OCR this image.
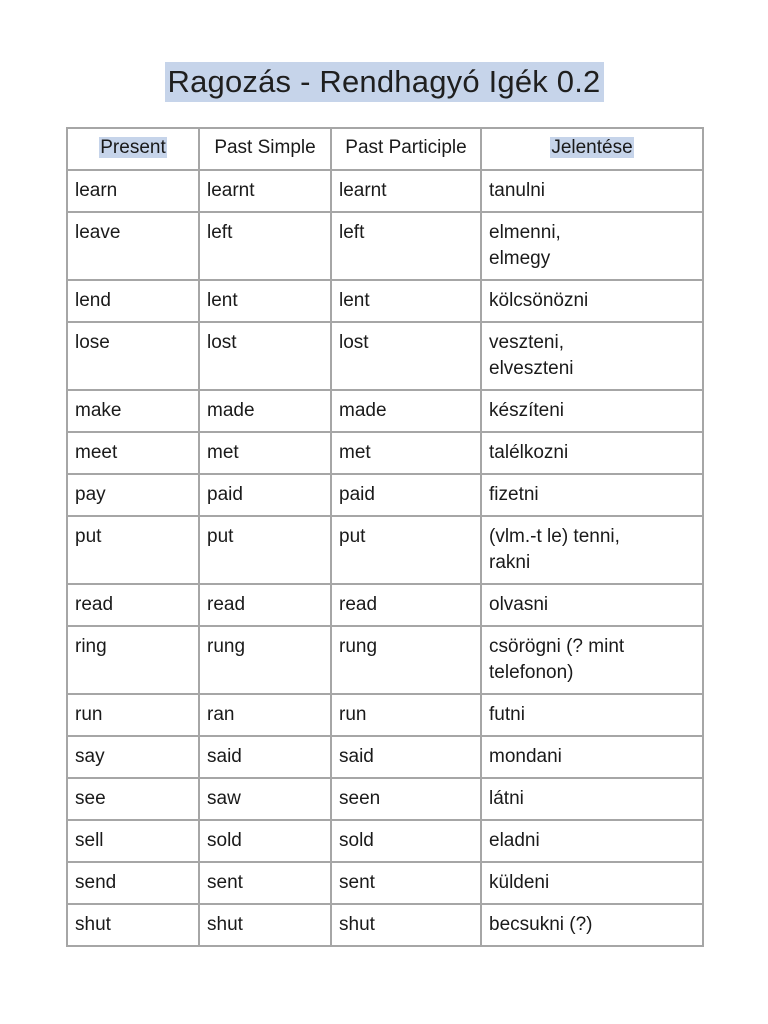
Ragozás - Rendhagyó Igék 0.2
Present	Past Simple	Past Participle	Jelentése
learn	learnt	learnt	tanulni

leave	left	left	elmenni,
elmegy

lend	lent	lent	kölcsönözni

lose	lost	lost	veszteni,
elveszteni

make	made	made	készíteni

meet	met	met	talélkozni

pay	paid	paid	fizetni

put	put	put	(vlm.-t le) tenni,
rakni

read	read	read	olvasni

ring	rung	rung	csörögni (? mint
telefonon)

run	ran	run	futni

say	said	said	mondani

see	saw	seen	látni

sell	sold	sold	eladni

send	sent	sent	küldeni

shut	shut	shut	becsukni (?)
